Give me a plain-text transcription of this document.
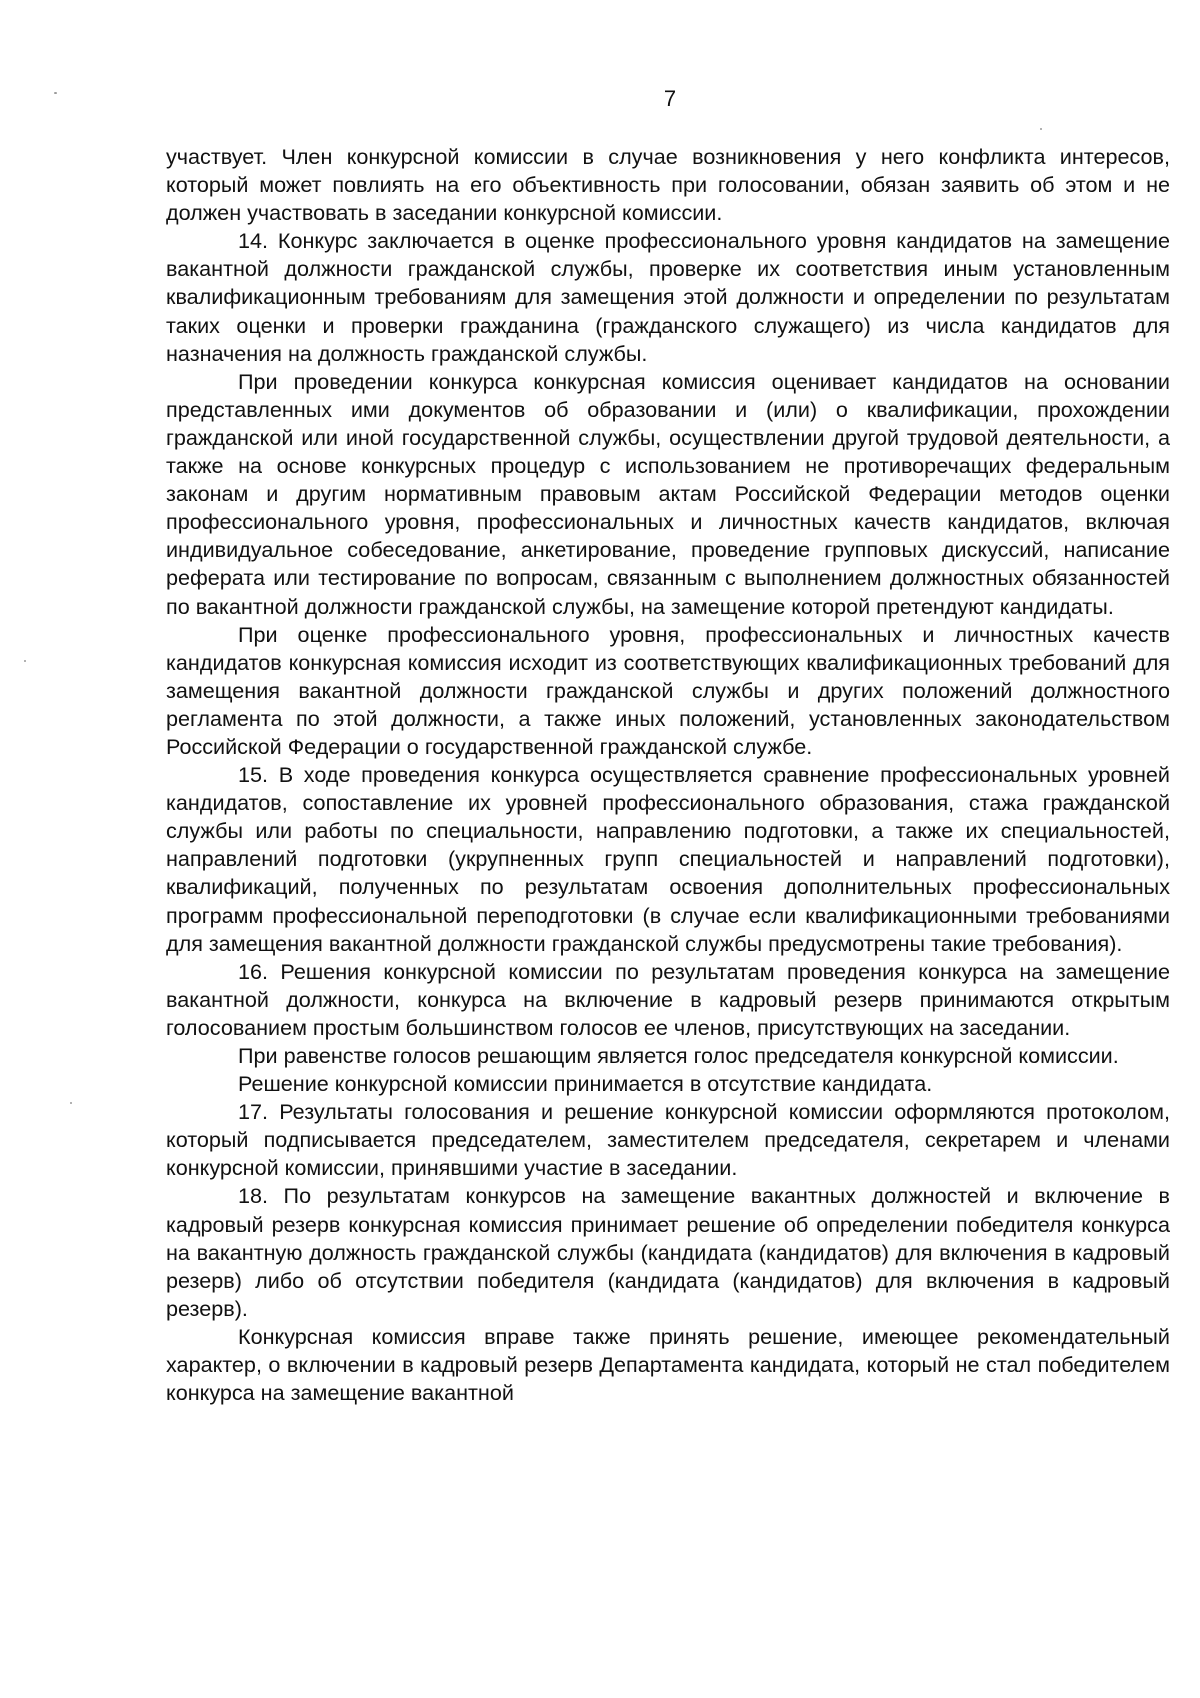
7

участвует. Член конкурсной комиссии в случае возникновения у него конфликта интересов, который может повлиять на его объективность при голосовании, обязан заявить об этом и не должен участвовать в заседании конкурсной комиссии.

14. Конкурс заключается в оценке профессионального уровня кандидатов на замещение вакантной должности гражданской службы, проверке их соответствия иным установленным квалификационным требованиям для замещения этой должности и определении по результатам таких оценки и проверки гражданина (гражданского служащего) из числа кандидатов для назначения на должность гражданской службы.

При проведении конкурса конкурсная комиссия оценивает кандидатов на основании представленных ими документов об образовании и (или) о квалификации, прохождении гражданской или иной государственной службы, осуществлении другой трудовой деятельности, а также на основе конкурсных процедур с использованием не противоречащих федеральным законам и другим нормативным правовым актам Российской Федерации методов оценки профессионального уровня, профессиональных и личностных качеств кандидатов, включая индивидуальное собеседование, анкетирование, проведение групповых дискуссий, написание реферата или тестирование по вопросам, связанным с выполнением должностных обязанностей по вакантной должности гражданской службы, на замещение которой претендуют кандидаты.

При оценке профессионального уровня, профессиональных и личностных качеств кандидатов конкурсная комиссия исходит из соответствующих квалификационных требований для замещения вакантной должности гражданской службы и других положений должностного регламента по этой должности, а также иных положений, установленных законодательством Российской Федерации о государственной гражданской службе.

15. В ходе проведения конкурса осуществляется сравнение профессиональных уровней кандидатов, сопоставление их уровней профессионального образования, стажа гражданской службы или работы по специальности, направлению подготовки, а также их специальностей, направлений подготовки (укрупненных групп специальностей и направлений подготовки), квалификаций, полученных по результатам освоения дополнительных профессиональных программ профессиональной переподготовки (в случае если квалификационными требованиями для замещения вакантной должности гражданской службы предусмотрены такие требования).

16. Решения конкурсной комиссии по результатам проведения конкурса на замещение вакантной должности, конкурса на включение в кадровый резерв принимаются открытым голосованием простым большинством голосов ее членов, присутствующих на заседании.

При равенстве голосов решающим является голос председателя конкурсной комиссии.

Решение конкурсной комиссии принимается в отсутствие кандидата.

17. Результаты голосования и решение конкурсной комиссии оформляются протоколом, который подписывается председателем, заместителем председателя, секретарем и членами конкурсной комиссии, принявшими участие в заседании.

18. По результатам конкурсов на замещение вакантных должностей и включение в кадровый резерв конкурсная комиссия принимает решение об определении победителя конкурса на вакантную должность гражданской службы (кандидата (кандидатов) для включения в кадровый резерв) либо об отсутствии победителя (кандидата (кандидатов) для включения в кадровый резерв).

Конкурсная комиссия вправе также принять решение, имеющее рекомендательный характер, о включении в кадровый резерв Департамента кандидата, который не стал победителем конкурса на замещение вакантной
